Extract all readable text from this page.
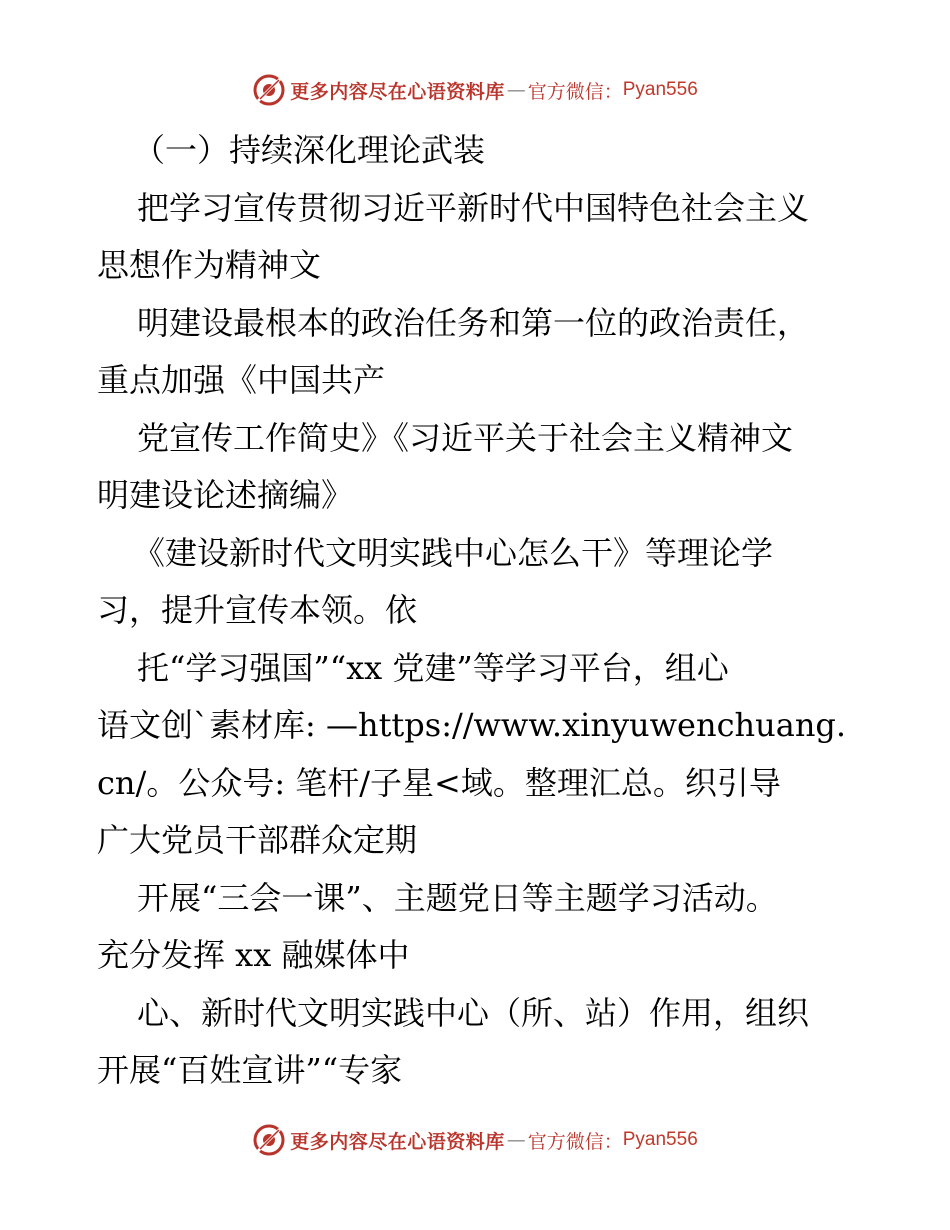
更多内容尽在心语资料库 — 官方微信： Pyan556

（一）持续深化理论武装

把学习宣传贯彻习近平新时代中国特色社会主义

思想作为精神文

明建设最根本的政治任务和第一位的政治责任，

重点加强《中国共产

党宣传工作简史》《习近平关于社会主义精神文

明建设论述摘编》

《建设新时代文明实践中心怎么干》等理论学

习，提升宣传本领。依

托“学习强国”“xx 党建”等学习平台，组心

语文创`素材库: —https://www.xinyuwenchuang.

cn/。公众号: 笔杆/子星<域。整理汇总。织引导

广大党员干部群众定期

开展“三会一课”、主题党日等主题学习活动。

充分发挥 xx 融媒体中

心、新时代文明实践中心（所、站）作用，组织

开展“百姓宣讲”“专家

更多内容尽在心语资料库 — 官方微信： Pyan556
